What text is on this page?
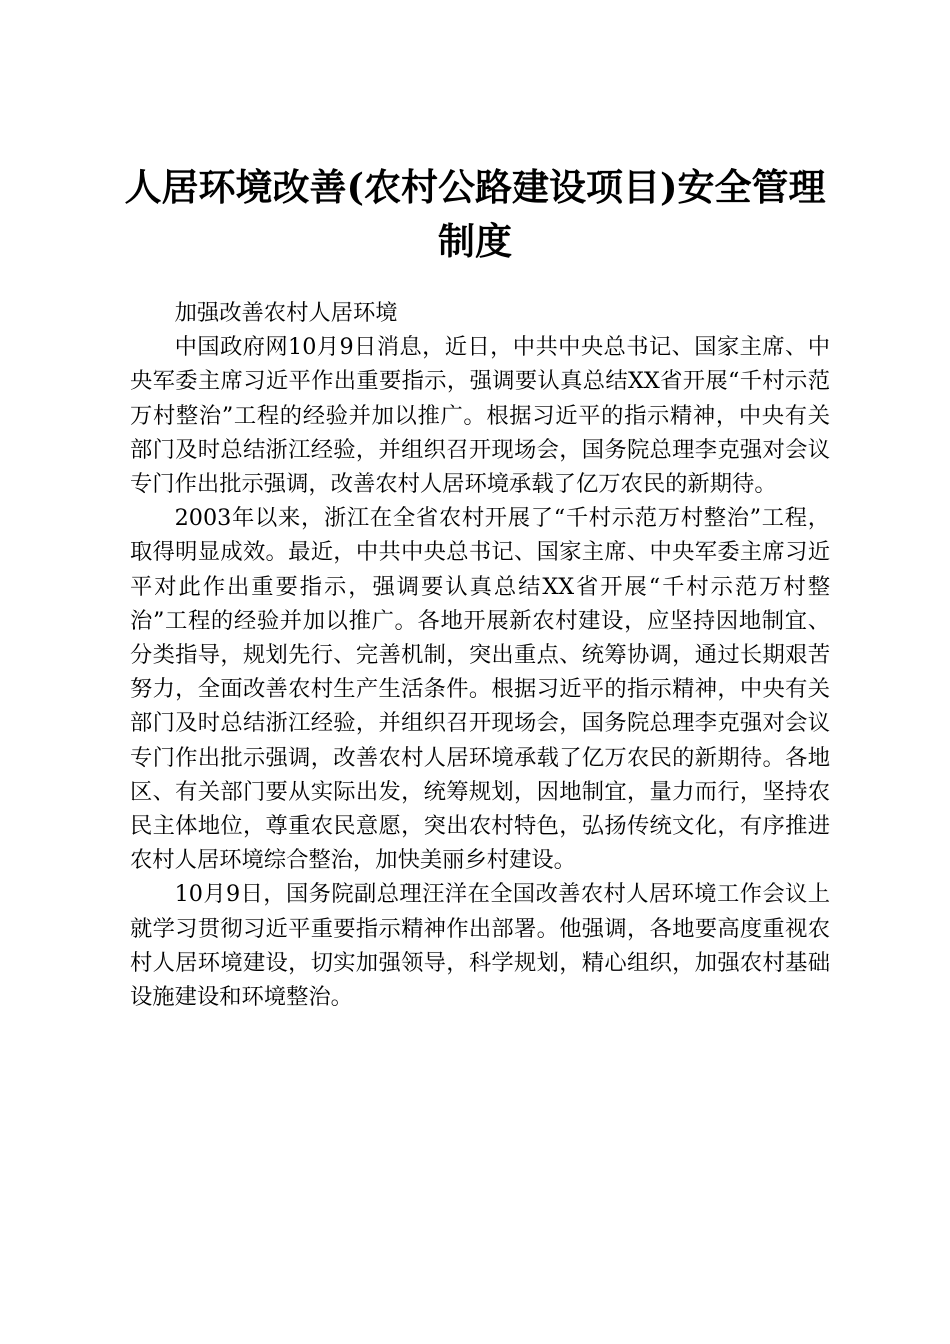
人居环境改善(农村公路建设项目)安全管理制度

加强改善农村人居环境

中国政府网10月9日消息，近日，中共中央总书记、国家主席、中央军委主席习近平作出重要指示，强调要认真总结XX省开展“千村示范万村整治”工程的经验并加以推广。根据习近平的指示精神，中央有关部门及时总结浙江经验，并组织召开现场会，国务院总理李克强对会议专门作出批示强调，改善农村人居环境承载了亿万农民的新期待。

2003年以来，浙江在全省农村开展了“千村示范万村整治”工程，取得明显成效。最近，中共中央总书记、国家主席、中央军委主席习近平对此作出重要指示，强调要认真总结XX省开展“千村示范万村整治”工程的经验并加以推广。各地开展新农村建设，应坚持因地制宜、分类指导，规划先行、完善机制，突出重点、统筹协调，通过长期艰苦努力，全面改善农村生产生活条件。根据习近平的指示精神，中央有关部门及时总结浙江经验，并组织召开现场会，国务院总理李克强对会议专门作出批示强调，改善农村人居环境承载了亿万农民的新期待。各地区、有关部门要从实际出发，统筹规划，因地制宜，量力而行，坚持农民主体地位，尊重农民意愿，突出农村特色，弘扬传统文化，有序推进农村人居环境综合整治，加快美丽乡村建设。

10月9日，国务院副总理汪洋在全国改善农村人居环境工作会议上就学习贯彻习近平重要指示精神作出部署。他强调，各地要高度重视农村人居环境建设，切实加强领导，科学规划，精心组织，加强农村基础设施建设和环境整治。
